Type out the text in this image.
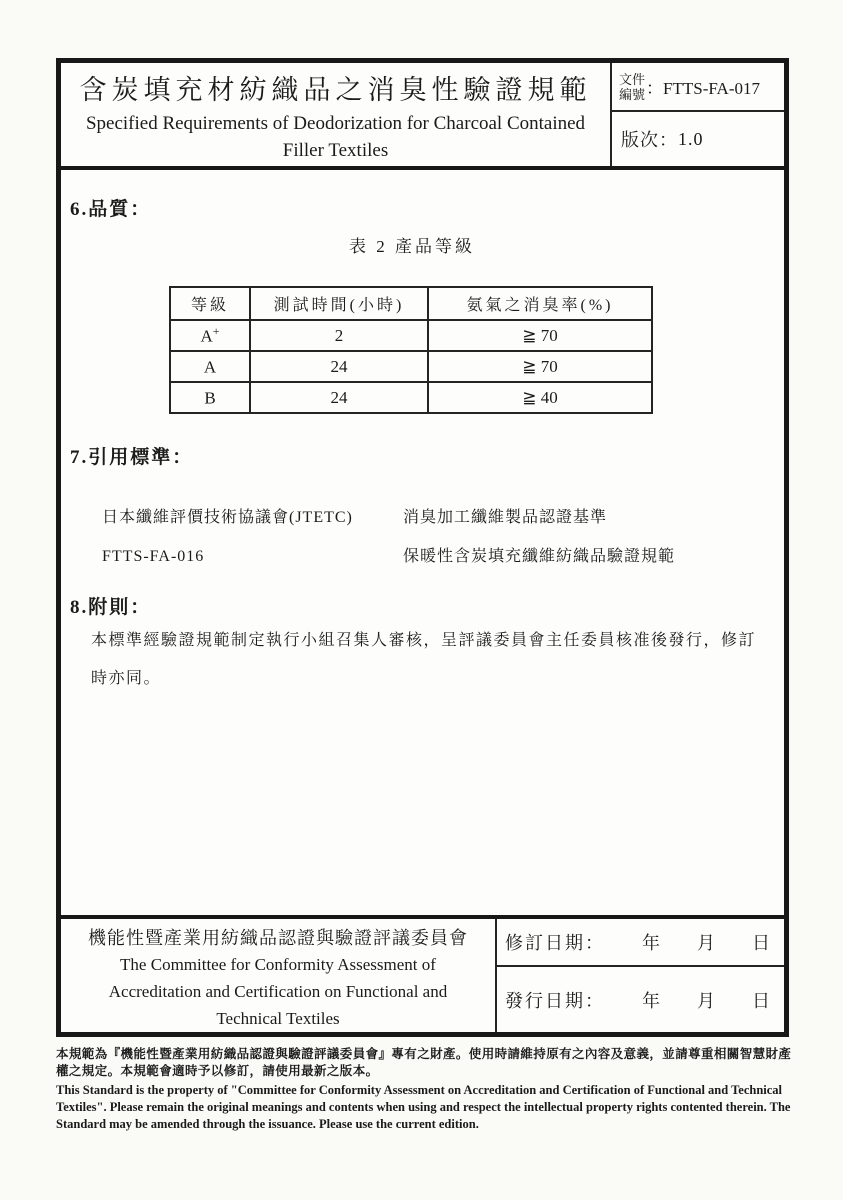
含炭填充材紡織品之消臭性驗證規範
Specified Requirements of Deodorization for Charcoal Contained
Filler Textiles
文件
編號 ：FTTS-FA-017
版次： 1.0
6.品質：
表 2 產品等級
等級	測試時間(小時)	氨氣之消臭率(%)
A+	2	≧ 70
A	24	≧ 70
B	24	≧ 40
7.引用標準：
日本纖維評價技術協議會(JTETC)	消臭加工纖維製品認證基準
FTTS-FA-016	保暖性含炭填充纖維紡織品驗證規範
8.附則：
本標準經驗證規範制定執行小組召集人審核，呈評議委員會主任委員核准後發行，修訂時亦同。
機能性暨產業用紡織品認證與驗證評議委員會
The Committee for Conformity Assessment of
Accreditation and Certification on Functional and
Technical Textiles
修訂日期： 年 月 日
發行日期： 年 月 日

本規範為『機能性暨產業用紡織品認證與驗證評議委員會』專有之財產。使用時請維持原有之內容及意義，並請尊重相關智慧財產權之規定。本規範會適時予以修訂，請使用最新之版本。

This Standard is the property of "Committee for Conformity Assessment on Accreditation and Certification of Functional and Technical Textiles". Please remain the original meanings and contents when using and respect the intellectual property rights contented therein. The Standard may be amended through the issuance. Please use the current edition.
